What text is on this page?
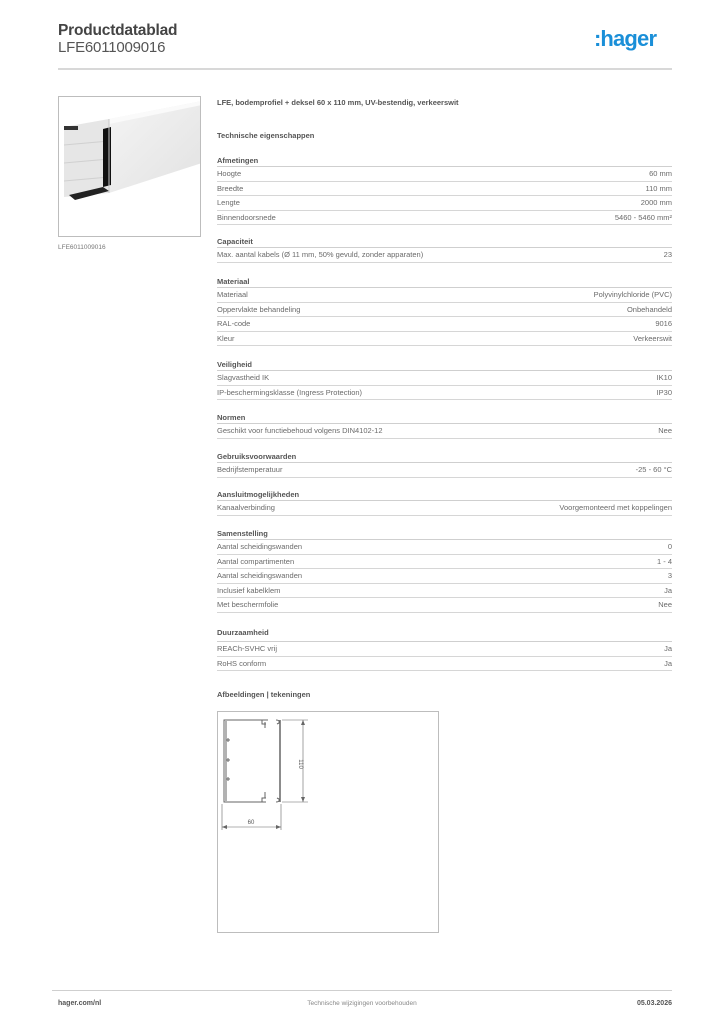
Productdatablad
LFE6011009016	:hager
LFE6011009016
LFE, bodemprofiel + deksel 60 x 110 mm, UV-bestendig, verkeerswit
Technische eigenschappen
Afmetingen
Hoogte	60 mm
Breedte	110 mm
Lengte	2000 mm
Binnendoorsnede	5460 - 5460 mm²
Capaciteit
Max. aantal kabels (Ø 11 mm, 50% gevuld, zonder apparaten)	23
Materiaal
Materiaal	Polyvinylchloride (PVC)
Oppervlakte behandeling	Onbehandeld
RAL-code	9016
Kleur	Verkeerswit
Veiligheid
Slagvastheid IK	IK10
IP-beschermingsklasse (Ingress Protection)	IP30
Normen
Geschikt voor functiebehoud volgens DIN4102-12	Nee
Gebruiksvoorwaarden
Bedrijfstemperatuur	-25 - 60 °C
Aansluitmogelijkheden
Kanaalverbinding	Voorgemonteerd met koppelingen
Samenstelling
Aantal scheidingswanden	0
Aantal compartimenten	1 - 4
Aantal scheidingswanden	3
Inclusief kabelklem	Ja
Met beschermfolie	Nee
Duurzaamheid
REACh-SVHC vrij	Ja
RoHS conform	Ja
Afbeeldingen | tekeningen
110
60
hager.com/nl	Technische wijzigingen voorbehouden	05.03.2026
